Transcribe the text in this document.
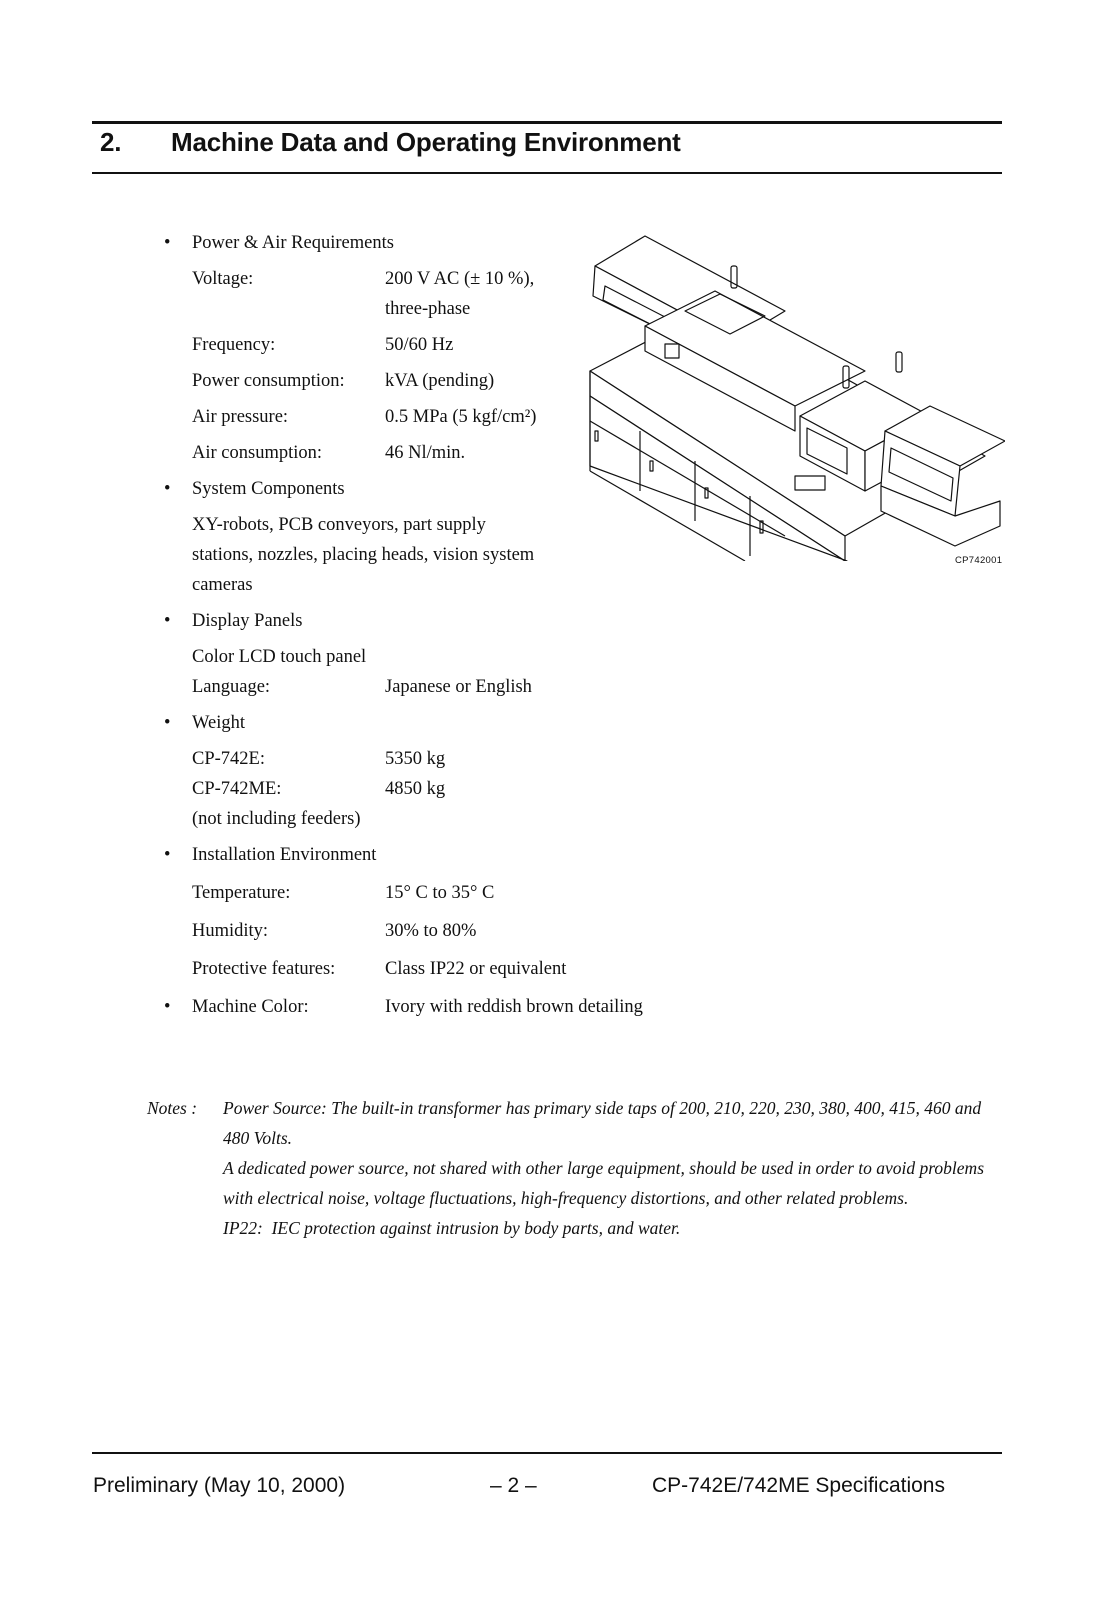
2. Machine Data and Operating Environment
• Power & Air Requirements
Voltage:	200 V AC (± 10 %),
three-phase
Frequency:	50/60 Hz
Power consumption:	kVA (pending)
Air pressure:	0.5 MPa (5 kgf/cm²)
Air consumption:	46 Nl/min.
• System Components
XY-robots, PCB conveyors, part supply stations, nozzles, placing heads, vision system cameras
• Display Panels
Color LCD touch panel
Language:	Japanese or English
• Weight
CP-742E:	5350 kg
CP-742ME:	4850 kg
(not including feeders)
• Installation Environment
Temperature:	15° C to 35° C
Humidity:	30% to 80%
Protective features:	Class IP22 or equivalent
• Machine Color:	Ivory with reddish brown detailing
CP742001
Notes : Power Source: The built-in transformer has primary side taps of 200, 210, 220, 230, 380, 400, 415, 460 and 480 Volts.
A dedicated power source, not shared with other large equipment, should be used in order to avoid problems with electrical noise, voltage fluctuations, high-frequency distortions, and other related problems.
IP22:  IEC protection against intrusion by body parts, and water.
Preliminary (May 10, 2000)	– 2 –	CP-742E/742ME Specifications
